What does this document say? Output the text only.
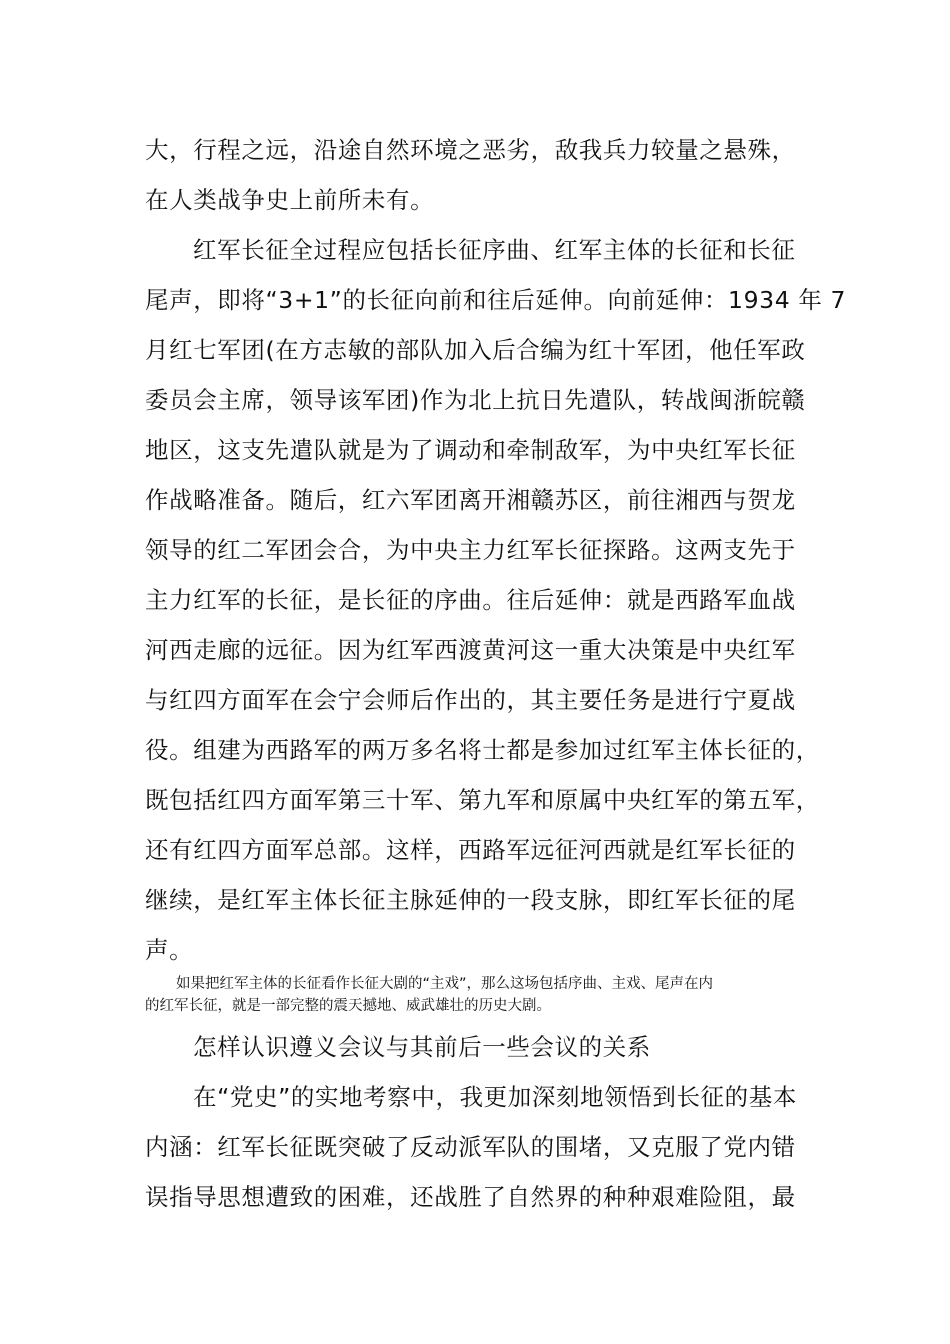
大，行程之远，沿途自然环境之恶劣，敌我兵力较量之悬殊，
在人类战争史上前所未有。
红军长征全过程应包括长征序曲、红军主体的长征和长征
尾声，即将“3+1”的长征向前和往后延伸。向前延伸：1934 年 7
月红七军团(在方志敏的部队加入后合编为红十军团，他任军政
委员会主席，领导该军团)作为北上抗日先遣队，转战闽浙皖赣
地区，这支先遣队就是为了调动和牵制敌军，为中央红军长征
作战略准备。随后，红六军团离开湘赣苏区，前往湘西与贺龙
领导的红二军团会合，为中央主力红军长征探路。这两支先于
主力红军的长征，是长征的序曲。往后延伸：就是西路军血战
河西走廊的远征。因为红军西渡黄河这一重大决策是中央红军
与红四方面军在会宁会师后作出的，其主要任务是进行宁夏战
役。组建为西路军的两万多名将士都是参加过红军主体长征的，
既包括红四方面军第三十军、第九军和原属中央红军的第五军，
还有红四方面军总部。这样，西路军远征河西就是红军长征的
继续，是红军主体长征主脉延伸的一段支脉，即红军长征的尾
声。
如果把红军主体的长征看作长征大剧的“主戏”，那么这场包括序曲、主戏、尾声在内
的红军长征，就是一部完整的震天撼地、威武雄壮的历史大剧。
怎样认识遵义会议与其前后一些会议的关系
在“党史”的实地考察中，我更加深刻地领悟到长征的基本
内涵：红军长征既突破了反动派军队的围堵，又克服了党内错
误指导思想遭致的困难，还战胜了自然界的种种艰难险阻，最
